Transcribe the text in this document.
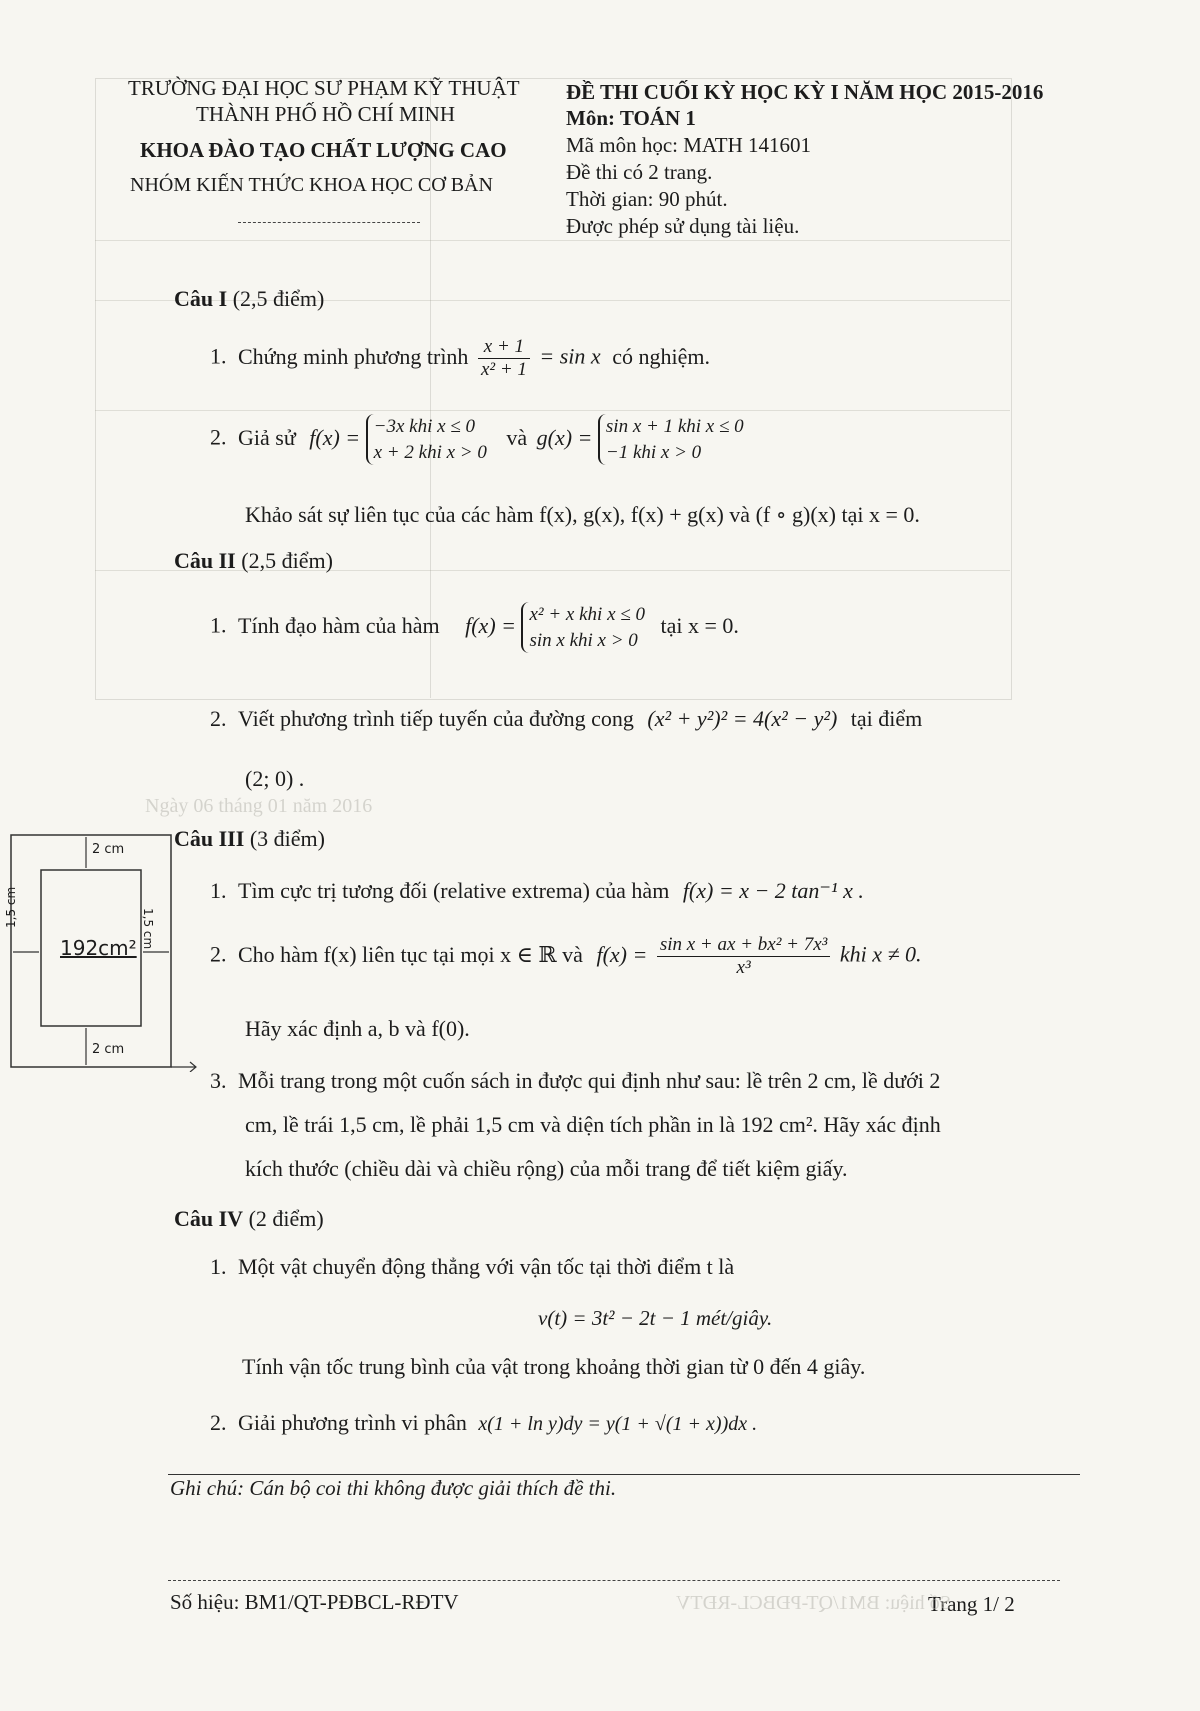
TRƯỜNG ĐẠI HỌC SƯ PHẠM KỸ THUẬT
THÀNH PHỐ HỒ CHÍ MINH
KHOA ĐÀO TẠO CHẤT LƯỢNG CAO
NHÓM KIẾN THỨC KHOA HỌC CƠ BẢN
ĐỀ THI CUỐI KỲ HỌC KỲ I NĂM HỌC 2015-2016
Môn: TOÁN 1
Mã môn học: MATH 141601
Đề thi có 2 trang.
Thời gian: 90 phút.
Được phép sử dụng tài liệu.
Câu I (2,5 điểm)
1. Chứng minh phương trình $\frac{x + 1}{\text{x² + 1}} = \sin x$ có nghiệm.
2. Giả sử f(x) = −3x khi x ≤ 0
x + 2 khi x > 0
và g(x) = sin x + 1 khi x ≤ 0
−1 khi x > 0
Khảo sát sự liên tục của các hàm f(x), g(x), f(x) + g(x) và (f ∘ g)(x) tại x = 0.
Câu II (2,5 điểm)
1. Tính đạo hàm của hàm f(x) = x² + x khi x ≤ 0
sin x khi x > 0
tại x = 0.
2. Viết phương trình tiếp tuyến của đường cong (x² + y²)² = 4(x² − y²) tại điểm
(2; 0) .
Ngày 06 tháng 01 năm 2016
2 cm
2 cm
1,5 cm
1,5 cm
192cm²
Câu III (3 điểm)
1. Tìm cực trị tương đối (relative extrema) của hàm f(x) = x − 2 tan⁻¹ x .
2. Cho hàm f(x) liên tục tại mọi x ∈ ℝ và $f(x) = \frac{\text{sin x + ax + bx² + 7x³}}{\text{x³}}$ khi x ≠ 0.
Hãy xác định a, b và f(0).
3. Mỗi trang trong một cuốn sách in được qui định như sau: lề trên 2 cm, lề dưới 2
cm, lề trái 1,5 cm, lề phải 1,5 cm và diện tích phần in là 192 cm². Hãy xác định
kích thước (chiều dài và chiều rộng) của mỗi trang để tiết kiệm giấy.
Câu IV (2 điểm)
1. Một vật chuyển động thẳng với vận tốc tại thời điểm t là
v(t) = 3t² − 2t − 1 mét/giây.
Tính vận tốc trung bình của vật trong khoảng thời gian từ 0 đến 4 giây.
2. Giải phương trình vi phân x(1 + ln y)dy = y(1 + √(1 + x))dx .
Ghi chú: Cán bộ coi thi không được giải thích đề thi.
Số hiệu: BM1/QT-PĐBCL-RĐTV	Trang 1/ 2
Số hiệu: BM1/QT-PĐBCL-RĐTV
